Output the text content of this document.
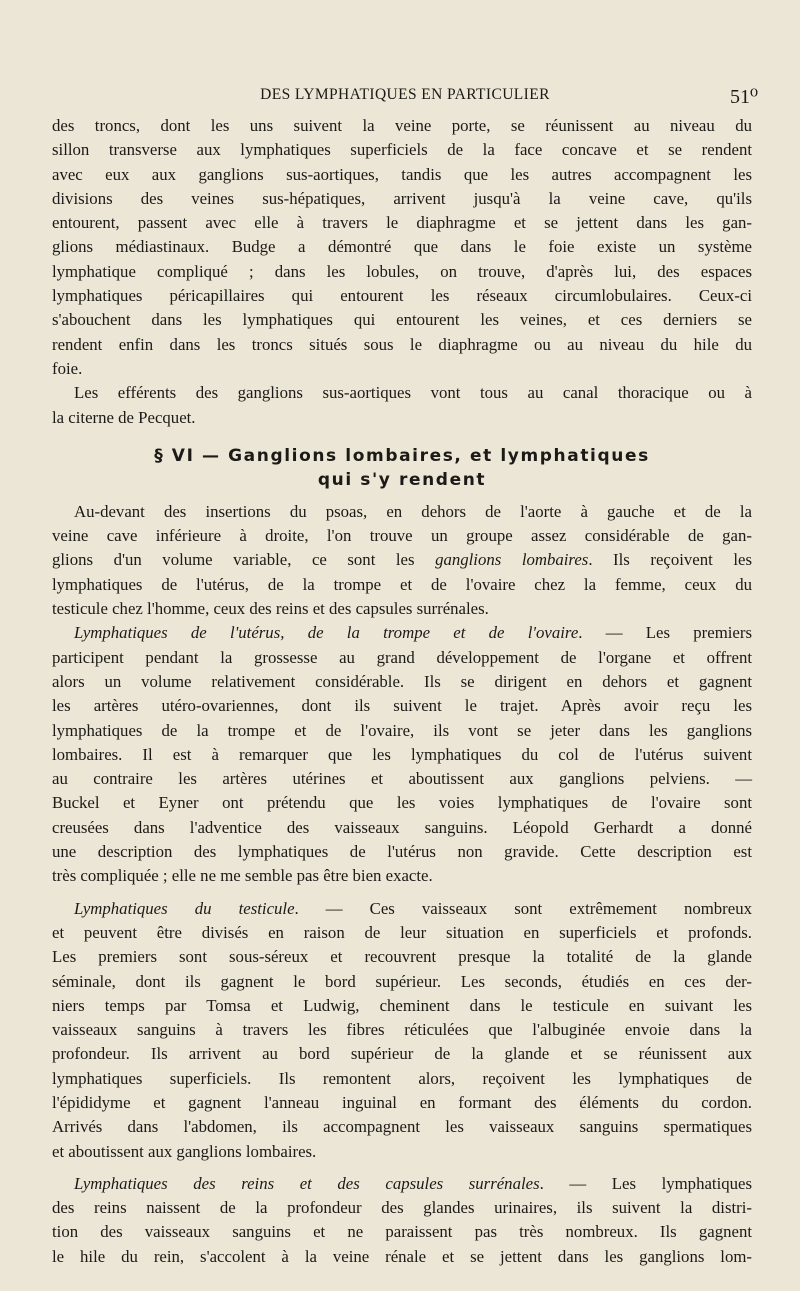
DES LYMPHATIQUES EN PARTICULIER	51⁰
des troncs, dont les uns suivent la veine porte, se réunissent au niveau du
sillon transverse aux lymphatiques superficiels de la face concave et se rendent
avec eux aux ganglions sus-aortiques, tandis que les autres accompagnent les
divisions des veines sus-hépatiques, arrivent jusqu'à la veine cave, qu'ils
entourent, passent avec elle à travers le diaphragme et se jettent dans les gan-
glions médiastinaux. Budge a démontré que dans le foie existe un système
lymphatique compliqué ; dans les lobules, on trouve, d'après lui, des espaces
lymphatiques péricapillaires qui entourent les réseaux circumlobulaires. Ceux-ci
s'abouchent dans les lymphatiques qui entourent les veines, et ces derniers se
rendent enfin dans les troncs situés sous le diaphragme ou au niveau du hile du
foie.
Les efférents des ganglions sus-aortiques vont tous au canal thoracique ou à
la citerne de Pecquet.
§ VI — Ganglions lombaires, et lymphatiques
qui s'y rendent
Au-devant des insertions du psoas, en dehors de l'aorte à gauche et de la
veine cave inférieure à droite, l'on trouve un groupe assez considérable de gan-
glions d'un volume variable, ce sont les ganglions lombaires. Ils reçoivent les
lymphatiques de l'utérus, de la trompe et de l'ovaire chez la femme, ceux du
testicule chez l'homme, ceux des reins et des capsules surrénales.
Lymphatiques de l'utérus, de la trompe et de l'ovaire. — Les premiers
participent pendant la grossesse au grand développement de l'organe et offrent
alors un volume relativement considérable. Ils se dirigent en dehors et gagnent
les artères utéro-ovariennes, dont ils suivent le trajet. Après avoir reçu les
lymphatiques de la trompe et de l'ovaire, ils vont se jeter dans les ganglions
lombaires. Il est à remarquer que les lymphatiques du col de l'utérus suivent
au contraire les artères utérines et aboutissent aux ganglions pelviens. —
Buckel et Eyner ont prétendu que les voies lymphatiques de l'ovaire sont
creusées dans l'adventice des vaisseaux sanguins. Léopold Gerhardt a donné
une description des lymphatiques de l'utérus non gravide. Cette description est
très compliquée ; elle ne me semble pas être bien exacte.
Lymphatiques du testicule. — Ces vaisseaux sont extrêmement nombreux
et peuvent être divisés en raison de leur situation en superficiels et profonds.
Les premiers sont sous-séreux et recouvrent presque la totalité de la glande
séminale, dont ils gagnent le bord supérieur. Les seconds, étudiés en ces der-
niers temps par Tomsa et Ludwig, cheminent dans le testicule en suivant les
vaisseaux sanguins à travers les fibres réticulées que l'albuginée envoie dans la
profondeur. Ils arrivent au bord supérieur de la glande et se réunissent aux
lymphatiques superficiels. Ils remontent alors, reçoivent les lymphatiques de
l'épididyme et gagnent l'anneau inguinal en formant des éléments du cordon.
Arrivés dans l'abdomen, ils accompagnent les vaisseaux sanguins spermatiques
et aboutissent aux ganglions lombaires.
Lymphatiques des reins et des capsules surrénales. — Les lymphatiques
des reins naissent de la profondeur des glandes urinaires, ils suivent la distri-
tion des vaisseaux sanguins et ne paraissent pas très nombreux. Ils gagnent
le hile du rein, s'accolent à la veine rénale et se jettent dans les ganglions lom-
